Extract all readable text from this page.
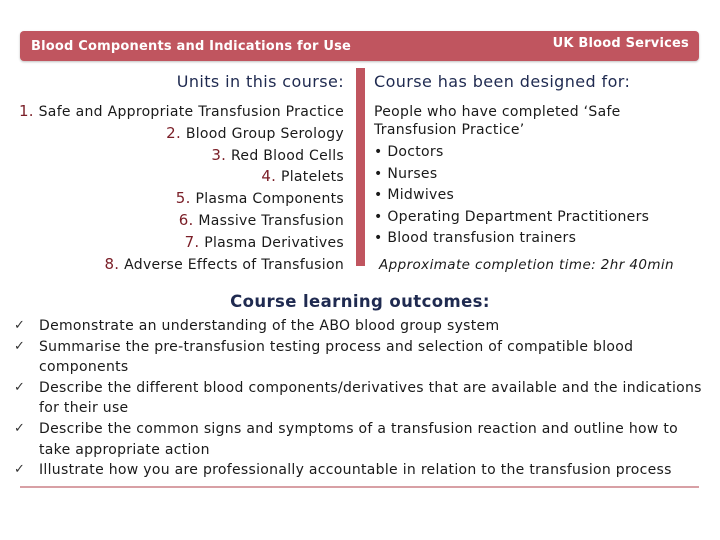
Blood Components and Indications for Use	UK Blood Services
Units in this course:
1. Safe and Appropriate Transfusion Practice
2. Blood Group Serology
3. Red Blood Cells
4. Platelets
5. Plasma Components
6. Massive Transfusion
7. Plasma Derivatives
8. Adverse Effects of Transfusion
Course has been designed for:
People who have completed ‘Safe Transfusion Practice’
• Doctors
• Nurses
• Midwives
• Operating Department Practitioners
• Blood transfusion trainers
Approximate completion time: 2hr 40min
Course learning outcomes:
✓ Demonstrate an understanding of the ABO blood group system
✓ Summarise the pre-transfusion testing process and selection of compatible blood components
✓ Describe the different blood components/derivatives that are available and the indications for their use
✓ Describe the common signs and symptoms of a transfusion reaction and outline how to take appropriate action
✓ Illustrate how you are professionally accountable in relation to the transfusion process
